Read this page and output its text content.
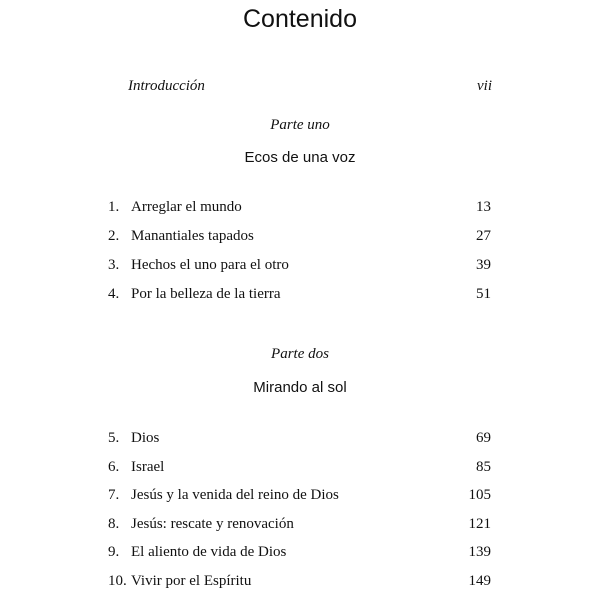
Contenido
Introducción	vii
Parte uno
Ecos de una voz
1. Arreglar el mundo	13
2. Manantiales tapados	27
3. Hechos el uno para el otro	39
4. Por la belleza de la tierra	51
Parte dos
Mirando al sol
5. Dios	69
6. Israel	85
7. Jesús y la venida del reino de Dios	105
8. Jesús: rescate y renovación	121
9. El aliento de vida de Dios	139
10. Vivir por el Espíritu	149
